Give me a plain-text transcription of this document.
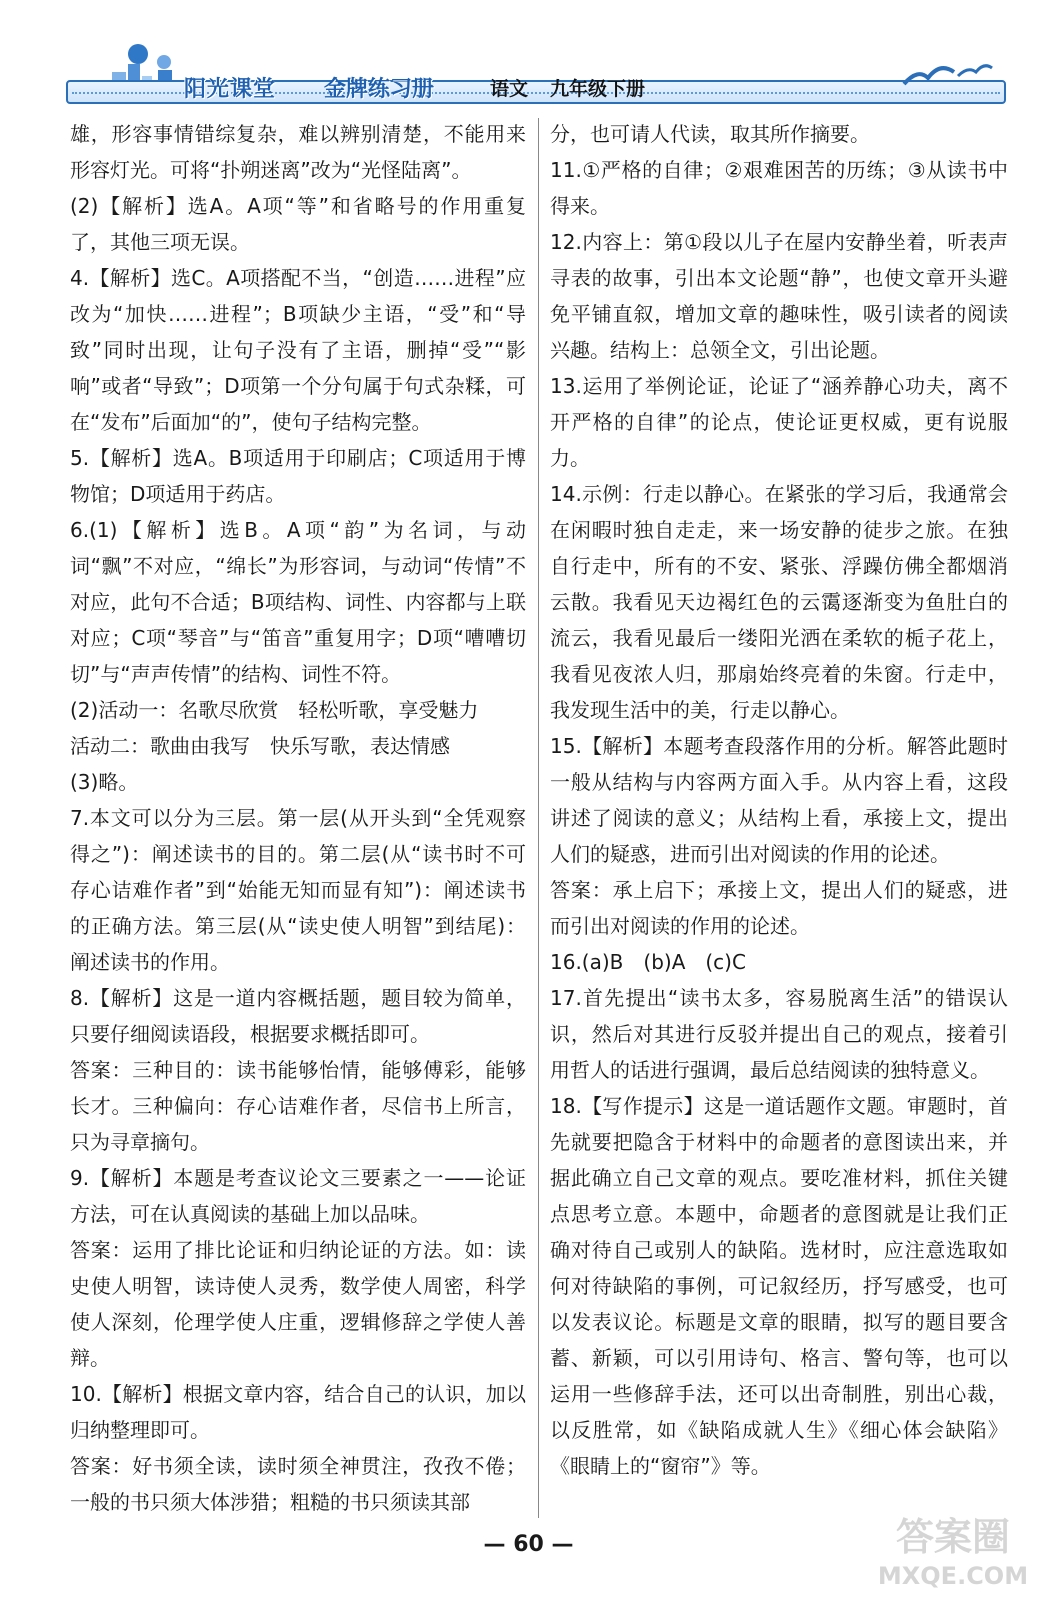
阳光课堂 金牌练习册	语文 九年级下册

雄，形容事情错综复杂，难以辨别清楚，不能用来形容灯光。可将“扑朔迷离”改为“光怪陆离”。

(2)【解析】选A。A项“等”和省略号的作用重复了，其他三项无误。

4.【解析】选C。A项搭配不当，“创造……进程”应改为“加快……进程”；B项缺少主语，“受”和“导致”同时出现，让句子没有了主语，删掉“受”“影响”或者“导致”；D项第一个分句属于句式杂糅，可在“发布”后面加“的”，使句子结构完整。

5.【解析】选A。B项适用于印刷店；C项适用于博物馆；D项适用于药店。

6.(1)【解析】选B。A项“韵”为名词，与动词“飘”不对应，“绵长”为形容词，与动词“传情”不对应，此句不合适；B项结构、词性、内容都与上联对应；C项“琴音”与“笛音”重复用字；D项“嘈嘈切切”与“声声传情”的结构、词性不符。

(2)活动一：名歌尽欣赏　轻松听歌，享受魅力

活动二：歌曲由我写　快乐写歌，表达情感

(3)略。

7.本文可以分为三层。第一层(从开头到“全凭观察得之”)：阐述读书的目的。第二层(从“读书时不可存心诘难作者”到“始能无知而显有知”)：阐述读书的正确方法。第三层(从“读史使人明智”到结尾)：阐述读书的作用。

8.【解析】这是一道内容概括题，题目较为简单，只要仔细阅读语段，根据要求概括即可。

答案：三种目的：读书能够怡情，能够傅彩，能够长才。三种偏向：存心诘难作者，尽信书上所言，只为寻章摘句。

9.【解析】本题是考查议论文三要素之一——论证方法，可在认真阅读的基础上加以品味。

答案：运用了排比论证和归纳论证的方法。如：读史使人明智，读诗使人灵秀，数学使人周密，科学使人深刻，伦理学使人庄重，逻辑修辞之学使人善辩。

10.【解析】根据文章内容，结合自己的认识，加以归纳整理即可。

答案：好书须全读，读时须全神贯注，孜孜不倦；一般的书只须大体涉猎；粗糙的书只须读其部

分，也可请人代读，取其所作摘要。

11.①严格的自律；②艰难困苦的历练；③从读书中得来。

12.内容上：第①段以儿子在屋内安静坐着，听表声寻表的故事，引出本文论题“静”，也使文章开头避免平铺直叙，增加文章的趣味性，吸引读者的阅读兴趣。结构上：总领全文，引出论题。

13.运用了举例论证，论证了“涵养静心功夫，离不开严格的自律”的论点，使论证更权威，更有说服力。

14.示例：行走以静心。在紧张的学习后，我通常会在闲暇时独自走走，来一场安静的徒步之旅。在独自行走中，所有的不安、紧张、浮躁仿佛全都烟消云散。我看见天边褐红色的云霭逐渐变为鱼肚白的流云，我看见最后一缕阳光洒在柔软的栀子花上，我看见夜浓人归，那扇始终亮着的朱窗。行走中，我发现生活中的美，行走以静心。

15.【解析】本题考查段落作用的分析。解答此题时一般从结构与内容两方面入手。从内容上看，这段讲述了阅读的意义；从结构上看，承接上文，提出人们的疑惑，进而引出对阅读的作用的论述。

答案：承上启下；承接上文，提出人们的疑惑，进而引出对阅读的作用的论述。

16.(a)B　(b)A　(c)C

17.首先提出“读书太多，容易脱离生活”的错误认识，然后对其进行反驳并提出自己的观点，接着引用哲人的话进行强调，最后总结阅读的独特意义。

18.【写作提示】这是一道话题作文题。审题时，首先就要把隐含于材料中的命题者的意图读出来，并据此确立自己文章的观点。要吃准材料，抓住关键点思考立意。本题中，命题者的意图就是让我们正确对待自己或别人的缺陷。选材时，应注意选取如何对待缺陷的事例，可记叙经历，抒写感受，也可以发表议论。标题是文章的眼睛，拟写的题目要含蓄、新颖，可以引用诗句、格言、警句等，也可以运用一些修辞手法，还可以出奇制胜，别出心裁，以反胜常，如《缺陷成就人生》《细心体会缺陷》《眼睛上的“窗帘”》等。

— 60 —	答案圈
MXQE.COM
